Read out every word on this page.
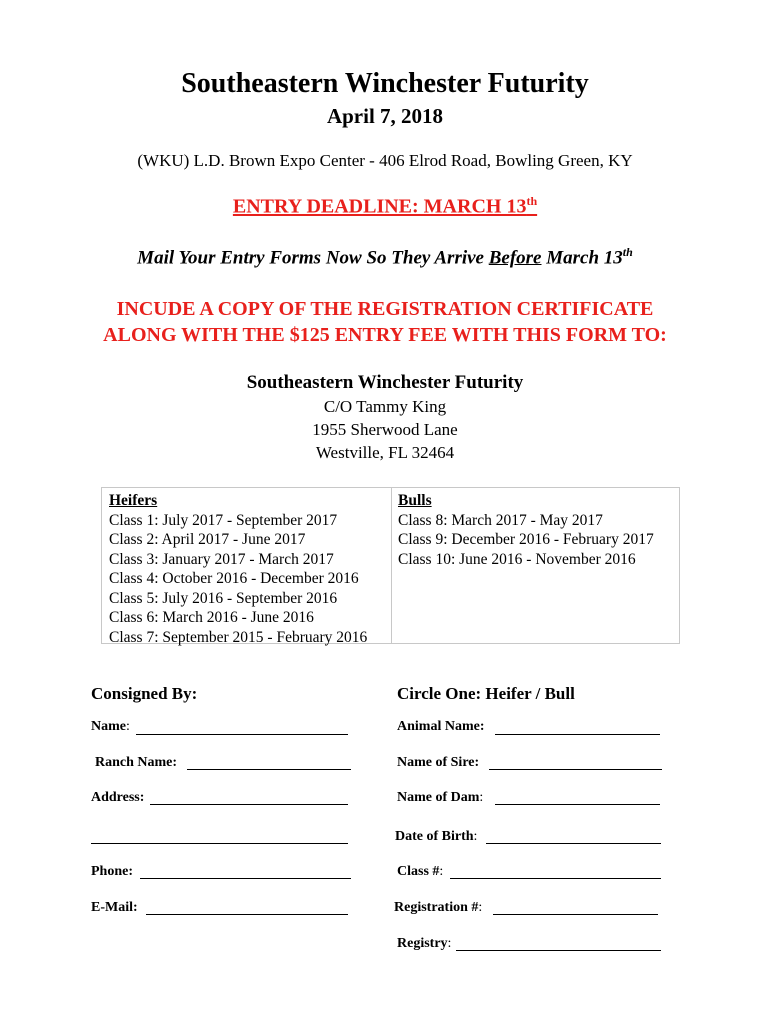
Southeastern Winchester Futurity
April 7, 2018
(WKU) L.D. Brown Expo Center - 406 Elrod Road, Bowling Green, KY
ENTRY DEADLINE: MARCH 13th
Mail Your Entry Forms Now So They Arrive Before March 13th
INCUDE A COPY OF THE REGISTRATION CERTIFICATE
ALONG WITH THE $125 ENTRY FEE WITH THIS FORM TO:
Southeastern Winchester Futurity
C/O Tammy King
1955 Sherwood Lane
Westville, FL 32464
Heifers
Class 1: July 2017 - September 2017
Class 2: April 2017 - June 2017
Class 3: January 2017 - March 2017
Class 4: October 2016 - December 2016
Class 5: July 2016 - September 2016
Class 6: March 2016 - June 2016
Class 7: September 2015 - February 2016
Bulls
Class 8: March 2017 - May 2017
Class 9: December 2016 - February 2017
Class 10: June 2016 - November 2016
Consigned By:	Circle One: Heifer / Bull
Name:	Animal Name:
Ranch Name:	Name of Sire:
Address:	Name of Dam:
Date of Birth:
Phone:	Class #:
E-Mail:	Registration #:
Registry:
